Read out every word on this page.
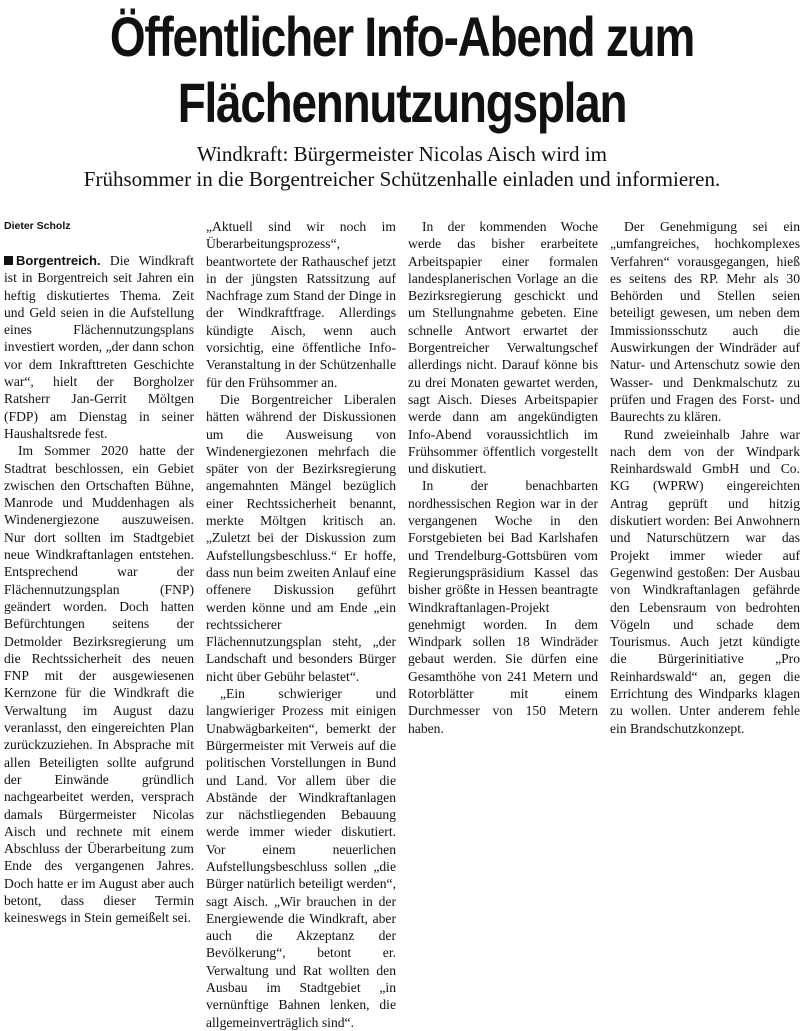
Öffentlicher Info-Abend zum
Flächennutzungsplan
Windkraft: Bürgermeister Nicolas Aisch wird im
Frühsommer in die Borgentreicher Schützenhalle einladen und informieren.
Dieter Scholz

Borgentreich. Die Windkraft ist in Borgentreich seit Jahren ein heftig diskutiertes Thema. Zeit und Geld seien in die Aufstellung eines Flächennutzungsplans investiert worden, „der dann schon vor dem Inkrafttreten Geschichte war“, hielt der Borgholzer Ratsherr Jan-Gerrit Möltgen (FDP) am Dienstag in seiner Haushaltsrede fest.

Im Sommer 2020 hatte der Stadtrat beschlossen, ein Gebiet zwischen den Ortschaften Bühne, Manrode und Muddenhagen als Windenergiezone auszuweisen. Nur dort sollten im Stadtgebiet neue Windkraftanlagen entstehen. Entsprechend war der Flächennutzungsplan (FNP) geändert worden. Doch hatten Befürchtungen seitens der Detmolder Bezirksregierung um die Rechtssicherheit des neuen FNP mit der ausgewiesenen Kernzone für die Windkraft die Verwaltung im August dazu veranlasst, den eingereichten Plan zurückzuziehen. In Absprache mit allen Beteiligten sollte aufgrund der Einwände gründlich nachgearbeitet werden, versprach damals Bürgermeister Nicolas Aisch und rechnete mit einem Abschluss der Überarbeitung zum Ende des vergangenen Jahres. Doch hatte er im August aber auch betont, dass dieser Termin keineswegs in Stein gemeißelt sei.

„Aktuell sind wir noch im Überarbeitungsprozess“, beantwortete der Rathauschef jetzt in der jüngsten Ratssitzung auf Nachfrage zum Stand der Dinge in der Windkraftfrage. Allerdings kündigte Aisch, wenn auch vorsichtig, eine öffentliche Info-Veranstaltung in der Schützenhalle für den Frühsommer an.

Die Borgentreicher Liberalen hätten während der Diskussionen um die Ausweisung von Windenergiezonen mehrfach die später von der Bezirksregierung angemahnten Mängel bezüglich einer Rechtssicherheit benannt, merkte Möltgen kritisch an. „Zuletzt bei der Diskussion zum Aufstellungsbeschluss.“ Er hoffe, dass nun beim zweiten Anlauf eine offenere Diskussion geführt werden könne und am Ende „ein rechtssicherer Flächennutzungsplan steht, „der Landschaft und besonders Bürger nicht über Gebühr belastet“.

„Ein schwieriger und langwieriger Prozess mit einigen Unabwägbarkeiten“, bemerkt der Bürgermeister mit Verweis auf die politischen Vorstellungen in Bund und Land. Vor allem über die Abstände der Windkraftanlagen zur nächstliegenden Bebauung werde immer wieder diskutiert. Vor einem neuerlichen Aufstellungsbeschluss sollen „die Bürger natürlich beteiligt werden“, sagt Aisch. „Wir brauchen in der Energiewende die Windkraft, aber auch die Akzeptanz der Bevölkerung“, betont er. Verwaltung und Rat wollten den Ausbau im Stadtgebiet „in vernünftige Bahnen lenken, die allgemeinverträglich sind“.

In der kommenden Woche werde das bisher erarbeitete Arbeitspapier einer formalen landesplanerischen Vorlage an die Bezirksregierung geschickt und um Stellungnahme gebeten. Eine schnelle Antwort erwartet der Borgentreicher Verwaltungschef allerdings nicht. Darauf könne bis zu drei Monaten gewartet werden, sagt Aisch. Dieses Arbeitspapier werde dann am angekündigten Info-Abend voraussichtlich im Frühsommer öffentlich vorgestellt und diskutiert.

In der benachbarten nordhessischen Region war in der vergangenen Woche in den Forstgebieten bei Bad Karlshafen und Trendelburg-Gottsbüren vom Regierungspräsidium Kassel das bisher größte in Hessen beantragte Windkraftanlagen-Projekt genehmigt worden. In dem Windpark sollen 18 Windräder gebaut werden. Sie dürfen eine Gesamthöhe von 241 Metern und Rotorblätter mit einem Durchmesser von 150 Metern haben.

Der Genehmigung sei ein „umfangreiches, hochkomplexes Verfahren“ vorausgegangen, hieß es seitens des RP. Mehr als 30 Behörden und Stellen seien beteiligt gewesen, um neben dem Immissionsschutz auch die Auswirkungen der Windräder auf Natur- und Artenschutz sowie den Wasser- und Denkmalschutz zu prüfen und Fragen des Forst- und Baurechts zu klären.

Rund zweieinhalb Jahre war nach dem von der Windpark Reinhardswald GmbH und Co. KG (WPRW) eingereichten Antrag geprüft und hitzig diskutiert worden: Bei Anwohnern und Naturschützern war das Projekt immer wieder auf Gegenwind gestoßen: Der Ausbau von Windkraftanlagen gefährde den Lebensraum von bedrohten Vögeln und schade dem Tourismus. Auch jetzt kündigte die Bürgerinitiative „Pro Reinhardswald“ an, gegen die Errichtung des Windparks klagen zu wollen. Unter anderem fehle ein Brandschutzkonzept.
